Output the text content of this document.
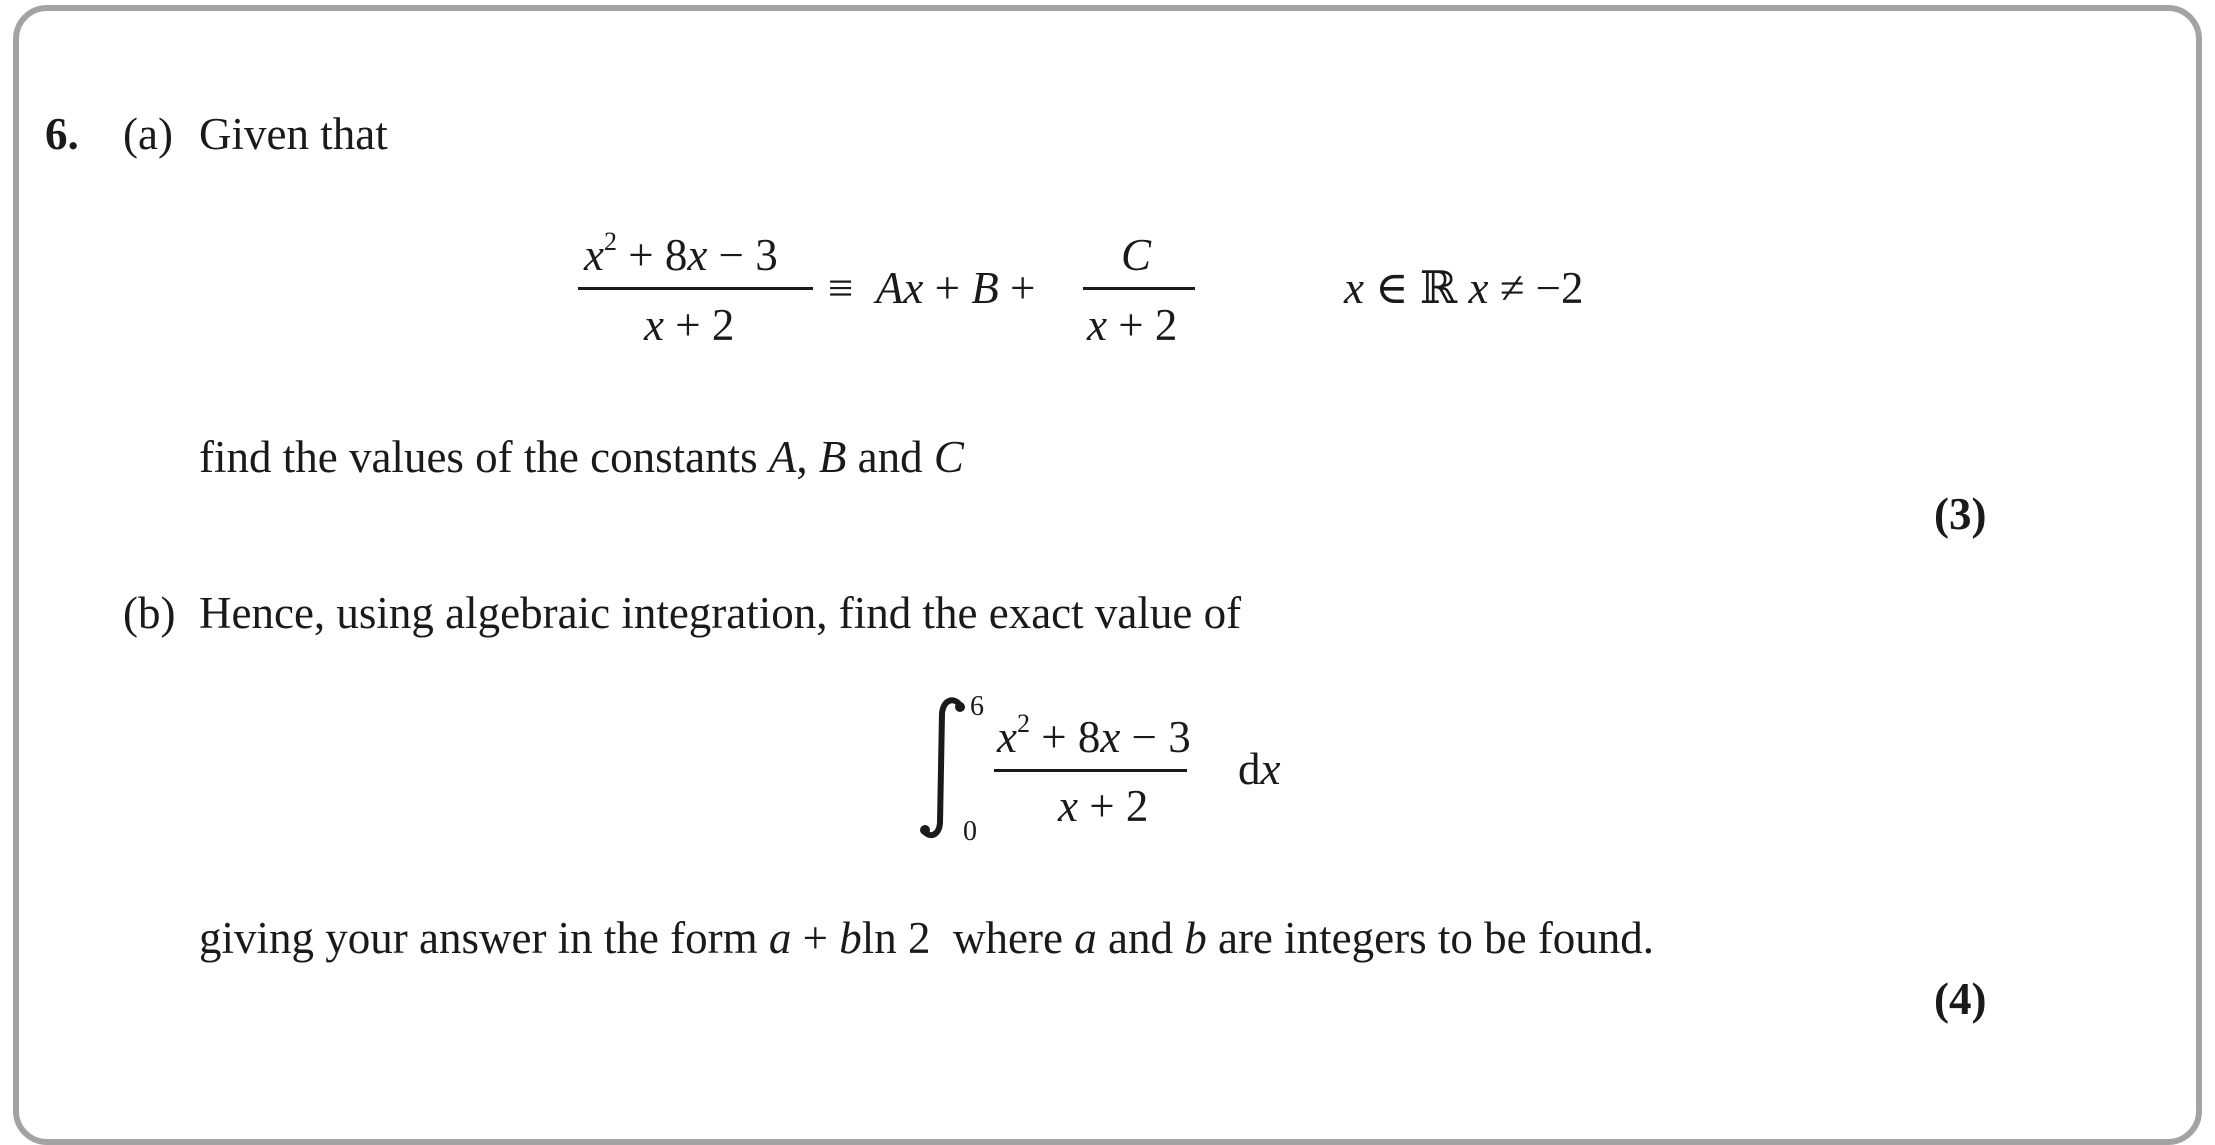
6. (a) Given that
$x^2 + 8x - 3$
x + 2
≡ Ax + B +
C
x + 2
x ∈ ℝ x ≠ −2
find the values of the constants A, B and C
(3)
(b) Hence, using algebraic integration, find the exact value of
6
0
$x^2 + 8x - 3$
x + 2
dx
giving your answer in the form a + bln 2  where a and b are integers to be found.
(4)
